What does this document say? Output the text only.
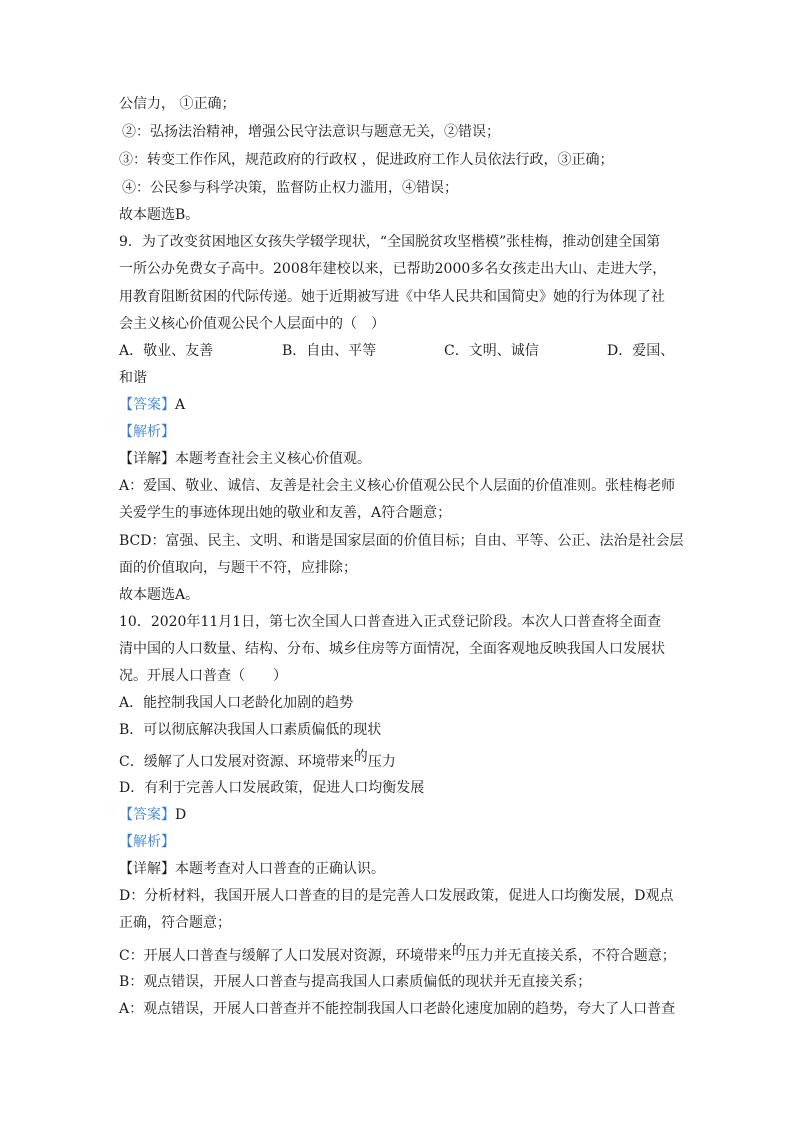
公信力， ①正确；
②：弘扬法治精神，增强公民守法意识与题意无关，②错误；
③：转变工作作风，规范政府的行政权 ，促进政府工作人员依法行政，③正确；
④：公民参与科学决策，监督防止权力滥用，④错误；
故本题选B。
9．为了改变贫困地区女孩失学辍学现状，“全国脱贫攻坚楷模”张桂梅，推动创建全国第
一所公办免费女子高中。2008年建校以来，已帮助2000多名女孩走出大山、走进大学，
用教育阻断贫困的代际传递。她于近期被写进《中华人民共和国简史》她的行为体现了社
会主义核心价值观公民个人层面中的（　）
A．敬业、友善	B．自由、平等	C．文明、诚信	D．爱国、
和谐
【答案】A
【解析】
【详解】本题考查社会主义核心价值观。
A：爱国、敬业、诚信、友善是社会主义核心价值观公民个人层面的价值准则。张桂梅老师
关爱学生的事迹体现出她的敬业和友善，A符合题意；
BCD：富强、民主、文明、和谐是国家层面的价值目标；自由、平等、公正、法治是社会层
面的价值取向，与题干不符，应排除；
故本题选A。
10．2020年11月1日，第七次全国人口普查进入正式登记阶段。本次人口普查将全面查
清中国的人口数量、结构、分布、城乡住房等方面情况，全面客观地反映我国人口发展状
况。开展人口普查（　　）
A．能控制我国人口老龄化加剧的趋势
B．可以彻底解决我国人口素质偏低的现状
C．缓解了人口发展对资源、环境带来的压力
D．有利于完善人口发展政策，促进人口均衡发展
【答案】D
【解析】
【详解】本题考查对人口普查的正确认识。
D：分析材料，我国开展人口普查的目的是完善人口发展政策，促进人口均衡发展，D观点
正确，符合题意；
C：开展人口普查与缓解了人口发展对资源，环境带来的压力并无直接关系，不符合题意；
B：观点错误，开展人口普查与提高我国人口素质偏低的现状并无直接关系；
A：观点错误，开展人口普查并不能控制我国人口老龄化速度加剧的趋势，夸大了人口普查
